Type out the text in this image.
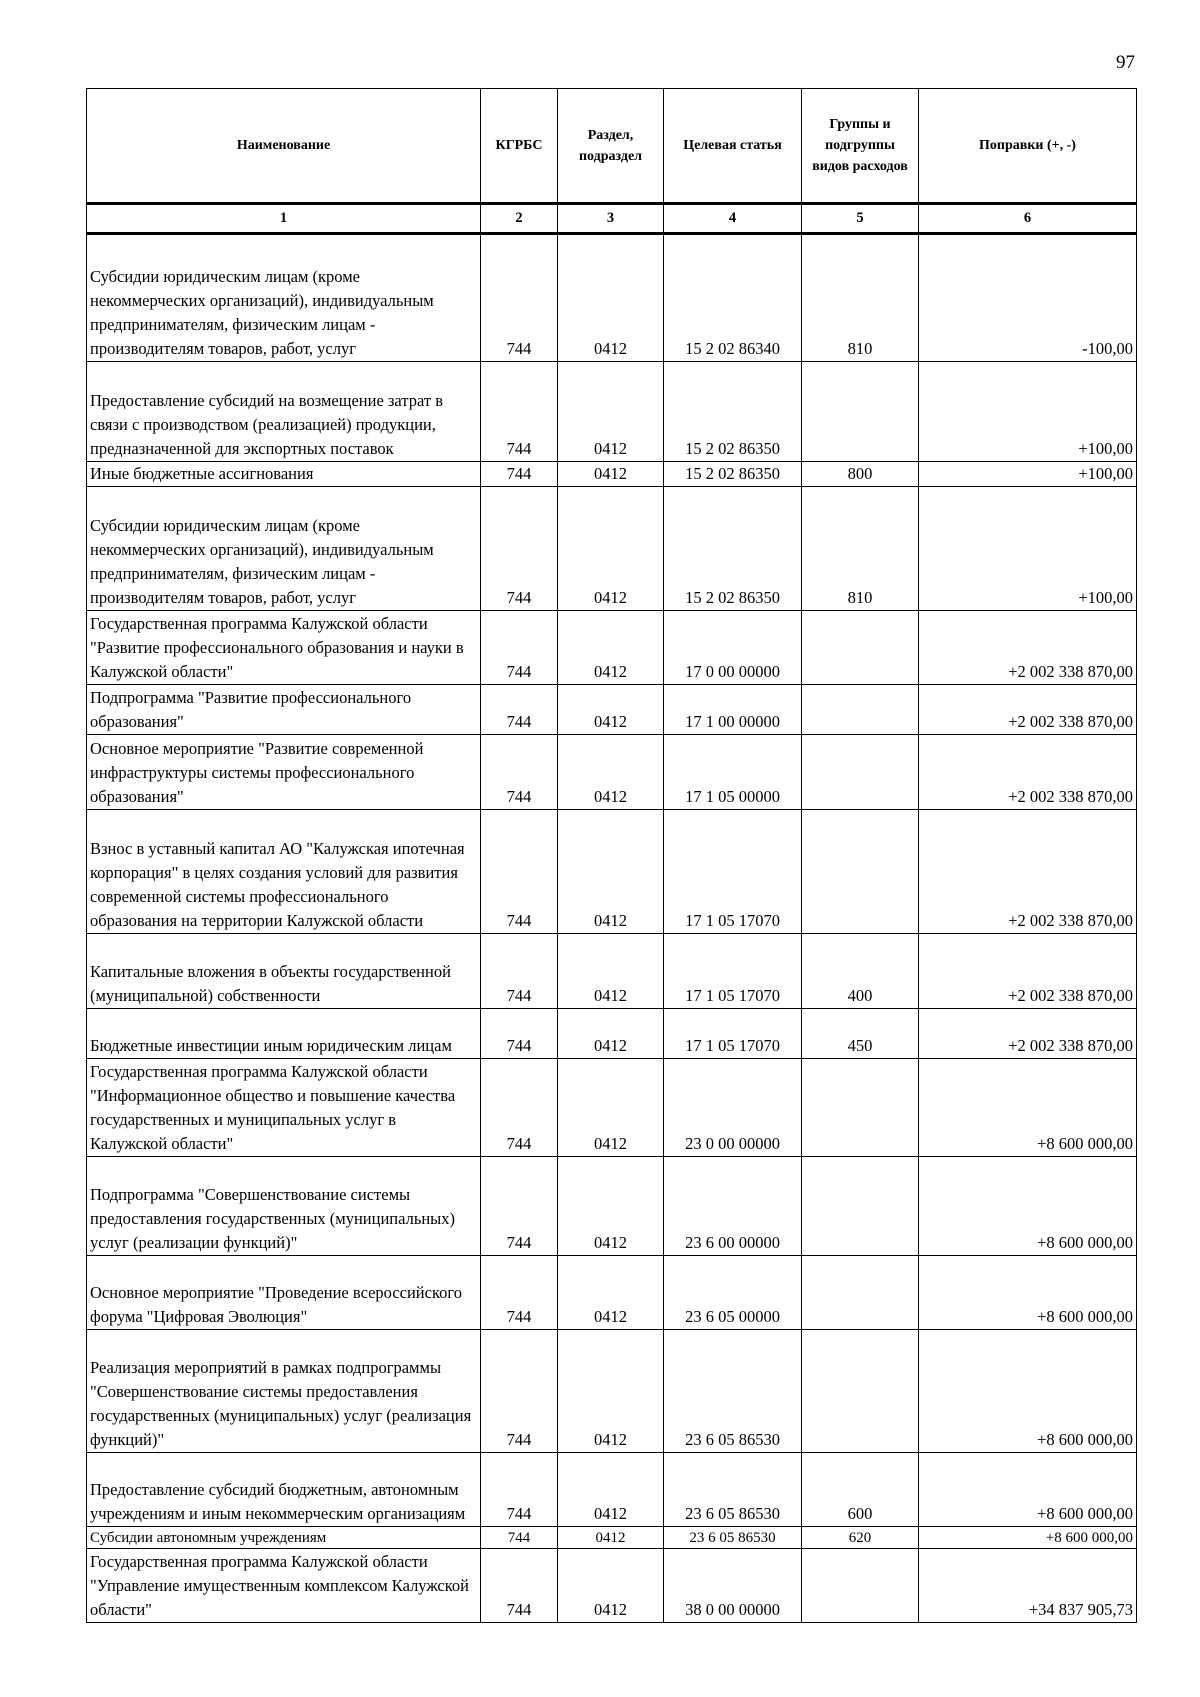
97
Наименование	КГРБС	Раздел, подраздел	Целевая статья	Группы и подгруппы видов расходов	Поправки (+, -)
1	2	3	4	5	6
Субсидии юридическим лицам (кроме некоммерческих организаций), индивидуальным предпринимателям, физическим лицам - производителям товаров, работ, услуг	744	0412	15 2 02 86340	810	-100,00
Предоставление субсидий на возмещение затрат в связи с производством (реализацией) продукции, предназначенной для экспортных поставок	744	0412	15 2 02 86350		+100,00
Иные бюджетные ассигнования	744	0412	15 2 02 86350	800	+100,00
Субсидии юридическим лицам (кроме некоммерческих организаций), индивидуальным предпринимателям, физическим лицам - производителям товаров, работ, услуг	744	0412	15 2 02 86350	810	+100,00
Государственная программа Калужской области "Развитие профессионального образования и науки в Калужской области"	744	0412	17 0 00 00000		+2 002 338 870,00
Подпрограмма "Развитие профессионального образования"	744	0412	17 1 00 00000		+2 002 338 870,00
Основное мероприятие "Развитие современной инфраструктуры системы профессионального образования"	744	0412	17 1 05 00000		+2 002 338 870,00
Взнос в уставный капитал АО "Калужская ипотечная корпорация" в целях создания условий для развития современной системы профессионального образования на территории Калужской области	744	0412	17 1 05 17070		+2 002 338 870,00
Капитальные вложения в объекты государственной (муниципальной) собственности	744	0412	17 1 05 17070	400	+2 002 338 870,00
Бюджетные инвестиции иным юридическим лицам	744	0412	17 1 05 17070	450	+2 002 338 870,00
Государственная программа Калужской области "Информационное общество и повышение качества государственных и муниципальных услуг в Калужской области"	744	0412	23 0 00 00000		+8 600 000,00
Подпрограмма "Совершенствование системы предоставления государственных (муниципальных) услуг (реализации функций)"	744	0412	23 6 00 00000		+8 600 000,00
Основное мероприятие "Проведение всероссийского форума "Цифровая Эволюция"	744	0412	23 6 05 00000		+8 600 000,00
Реализация мероприятий в рамках подпрограммы "Совершенствование системы предоставления государственных (муниципальных) услуг (реализация функций)"	744	0412	23 6 05 86530		+8 600 000,00
Предоставление субсидий бюджетным, автономным учреждениям и иным некоммерческим организациям	744	0412	23 6 05 86530	600	+8 600 000,00
Субсидии автономным учреждениям	744	0412	23 6 05 86530	620	+8 600 000,00
Государственная программа Калужской области "Управление имущественным комплексом Калужской области"	744	0412	38 0 00 00000		+34 837 905,73
